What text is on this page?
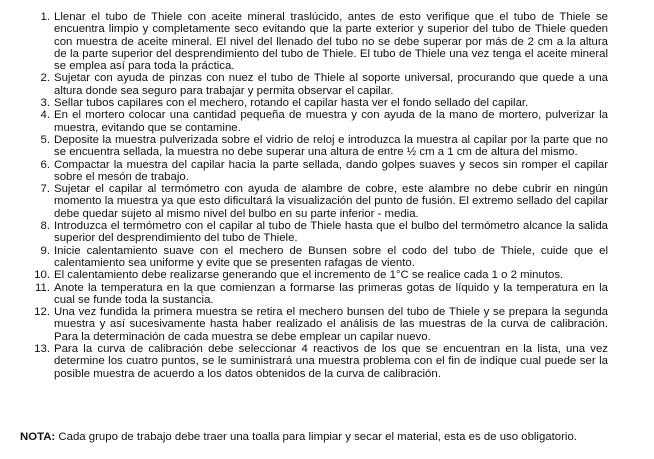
1. Llenar el tubo de Thiele con aceite mineral traslúcido, antes de esto verifique que el tubo de Thiele se encuentra limpio y completamente seco evitando que la parte exterior y superior del tubo de Thiele queden con muestra de aceite mineral. El nivel del llenado del tubo no se debe superar por más de 2 cm a la altura de la parte superior del desprendimiento del tubo de Thiele. El tubo de Thiele una vez tenga el aceite mineral se emplea así para toda la práctica.
2. Sujetar con ayuda de pinzas con nuez el tubo de Thiele al soporte universal, procurando que quede a una altura donde sea seguro para trabajar y permita observar el capilar.
3. Sellar tubos capilares con el mechero, rotando el capilar hasta ver el fondo sellado del capilar.
4. En el mortero colocar una cantidad pequeña de muestra y con ayuda de la mano de mortero, pulverizar la muestra, evitando que se contamine.
5. Deposite la muestra pulverizada sobre el vidrio de reloj e introduzca la muestra al capilar por la parte que no se encuentra sellada, la muestra no debe superar una altura de entre ½ cm a 1 cm de altura del mismo.
6. Compactar la muestra del capilar hacia la parte sellada, dando golpes suaves y secos sin romper el capilar sobre el mesón de trabajo.
7. Sujetar el capilar al termómetro con ayuda de alambre de cobre, este alambre no debe cubrir en ningún momento la muestra ya que esto dificultará la visualización del punto de fusión. El extremo sellado del capilar debe quedar sujeto al mismo nivel del bulbo en su parte inferior - media.
8. Introduzca el termómetro con el capilar al tubo de Thiele hasta que el bulbo del termómetro alcance la salida superior del desprendimiento del tubo de Thiele.
9. Inicie calentamiento suave con el mechero de Bunsen sobre el codo del tubo de Thiele, cuide que el calentamiento sea uniforme y evite que se presenten rafagas de viento.
10. El calentamiento debe realizarse generando que el incremento de 1°C se realice cada 1 o 2 minutos.
11. Anote la temperatura en la que comienzan a formarse las primeras gotas de líquido y la temperatura en la cual se funde toda la sustancia.
12. Una vez fundida la primera muestra se retira el mechero bunsen del tubo de Thiele y se prepara la segunda muestra y así sucesivamente hasta haber realizado el análisis de las muestras de la curva de calibración. Para la determinación de cada muestra se debe emplear un capilar nuevo.
13. Para la curva de calibración debe seleccionar 4 reactivos de los que se encuentran en la lista, una vez determine los cuatro puntos, se le suministrará una muestra problema con el fin de indique cual puede ser la posible muestra de acuerdo a los datos obtenidos de la curva de calibración.
NOTA: Cada grupo de trabajo debe traer una toalla para limpiar y secar el material, esta es de uso obligatorio.
